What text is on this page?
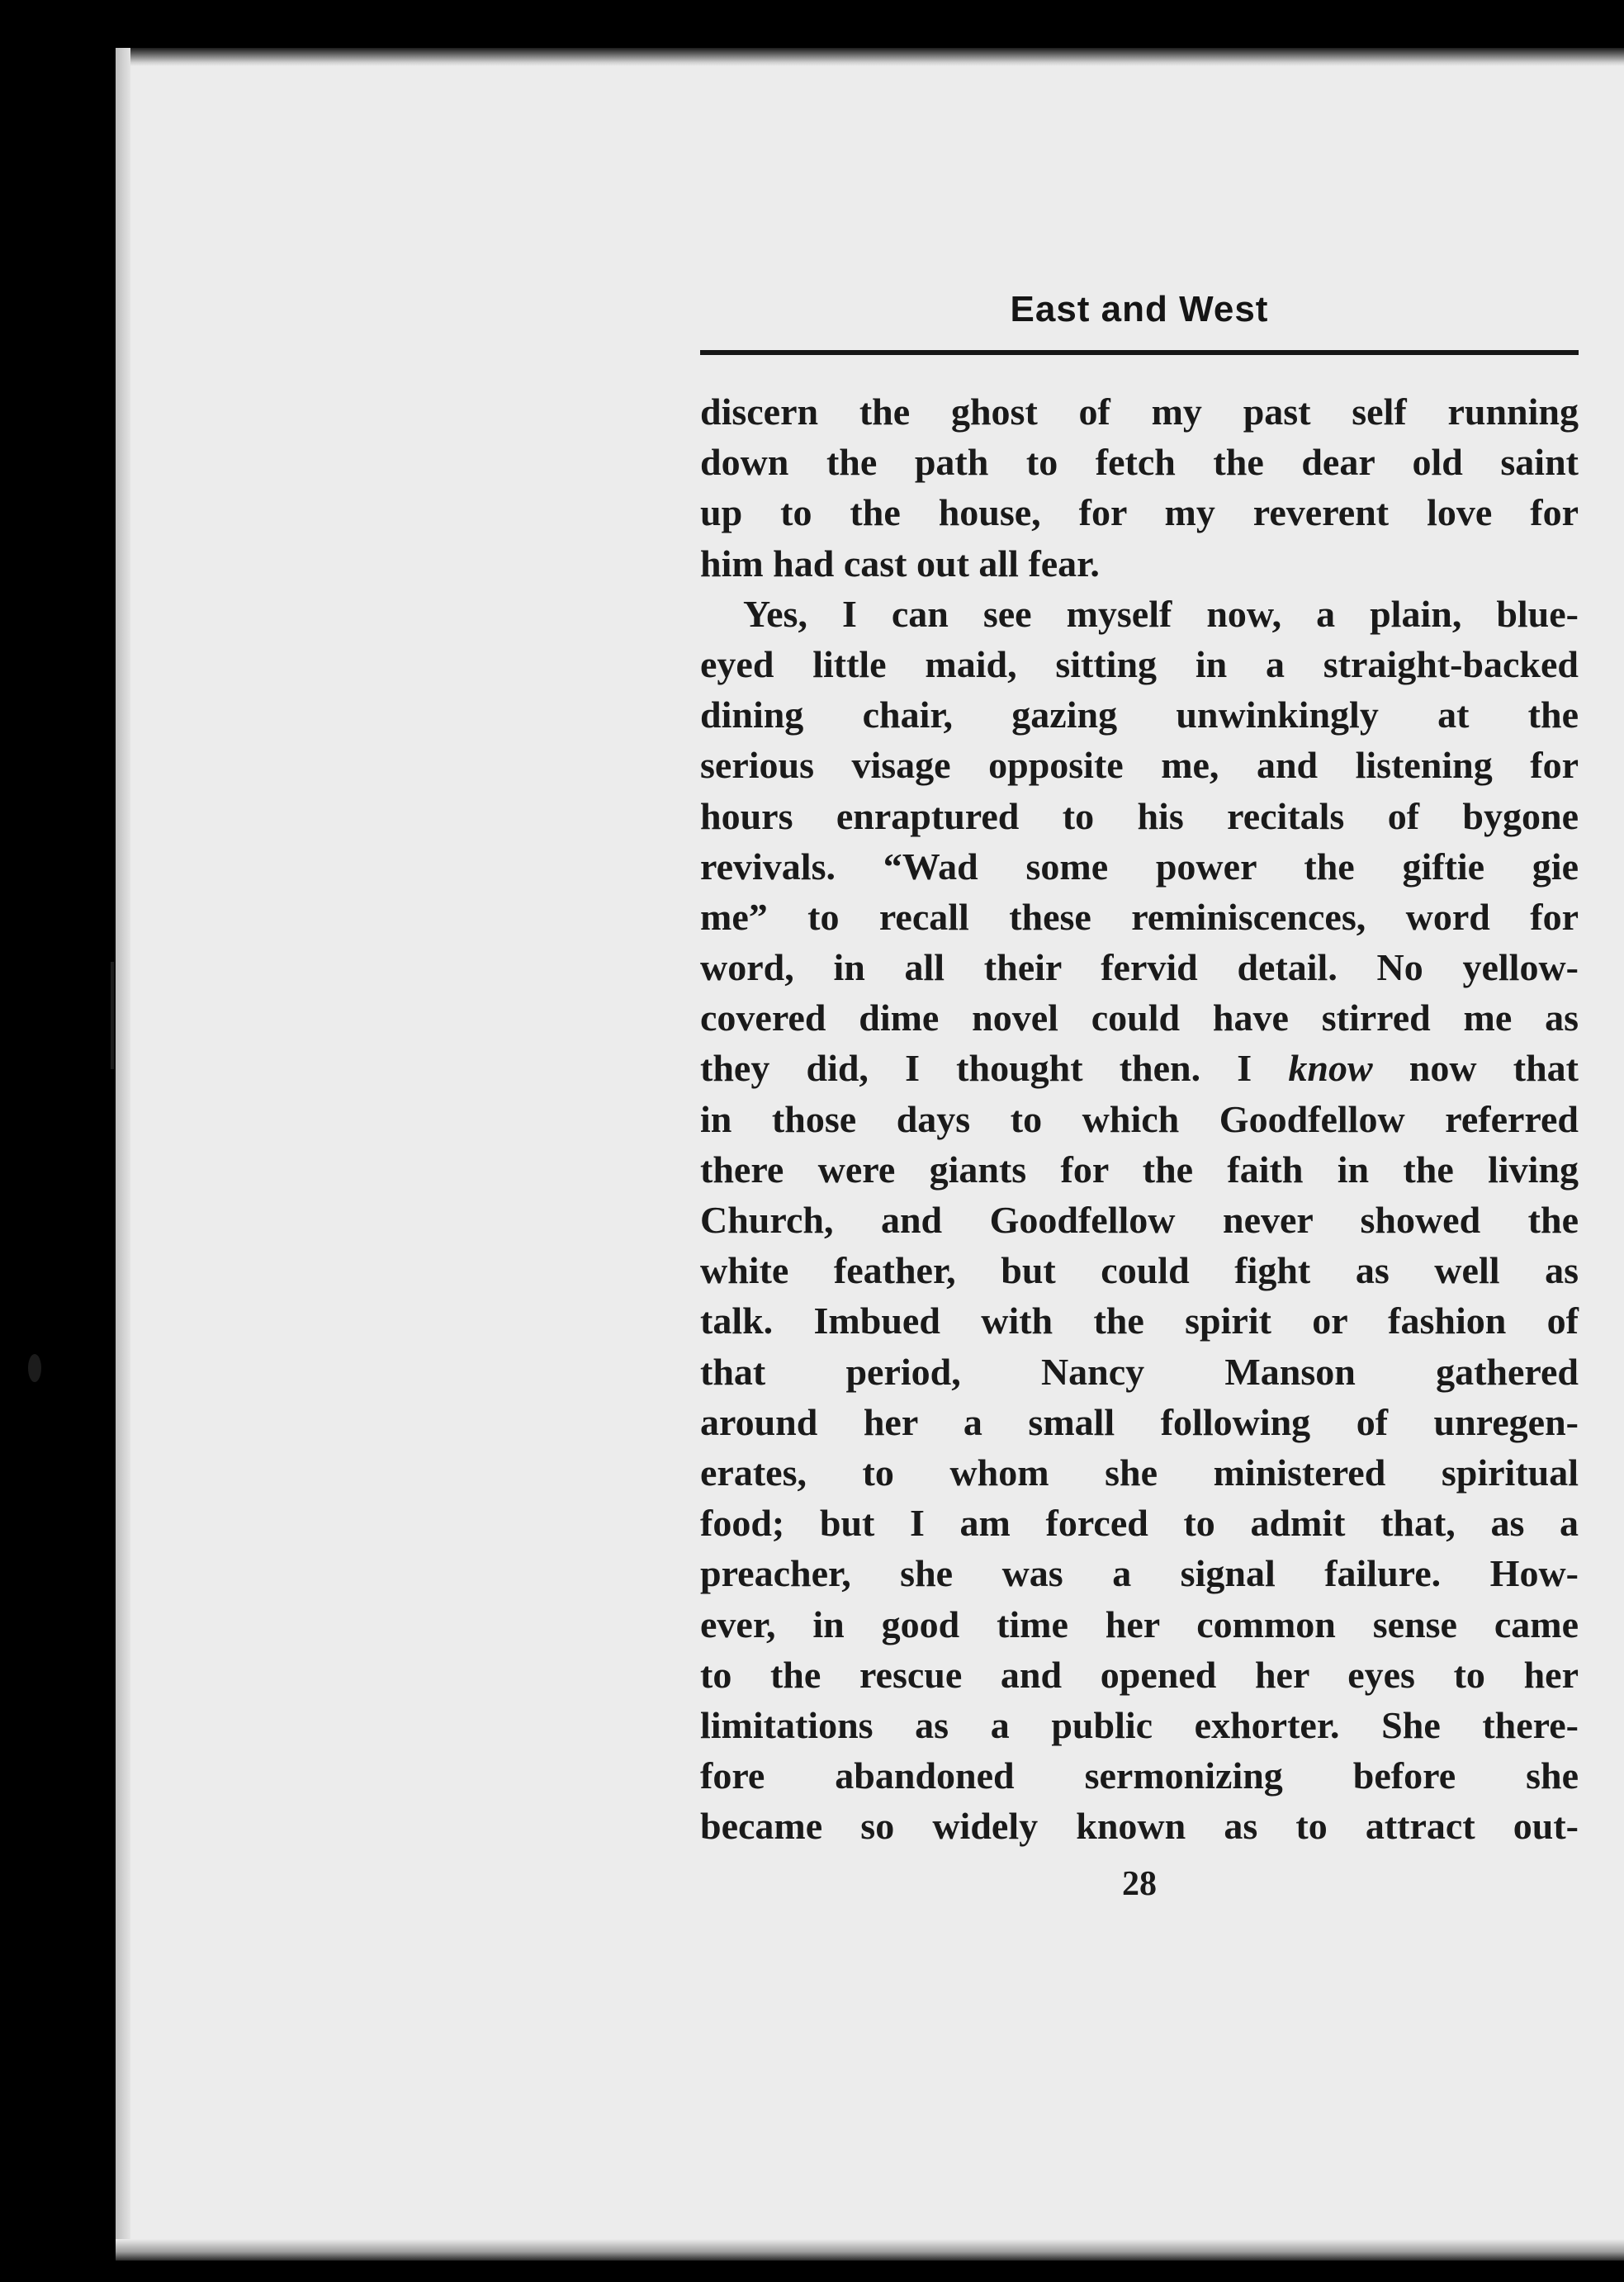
East and West
discern the ghost of my past self running
down the path to fetch the dear old saint
up to the house, for my reverent love for
him had cast out all fear.
Yes, I can see myself now, a plain, blue-
eyed little maid, sitting in a straight-backed
dining chair, gazing unwinkingly at the
serious visage opposite me, and listening for
hours enraptured to his recitals of bygone
revivals. “Wad some power the giftie gie
me” to recall these reminiscences, word for
word, in all their fervid detail. No yellow-
covered dime novel could have stirred me as
they did, I thought then. I know now that
in those days to which Goodfellow referred
there were giants for the faith in the living
Church, and Goodfellow never showed the
white feather, but could fight as well as
talk. Imbued with the spirit or fashion of
that period, Nancy Manson gathered
around her a small following of unregen-
erates, to whom she ministered spiritual
food; but I am forced to admit that, as a
preacher, she was a signal failure. How-
ever, in good time her common sense came
to the rescue and opened her eyes to her
limitations as a public exhorter. She there-
fore abandoned sermonizing before she
became so widely known as to attract out-
28
